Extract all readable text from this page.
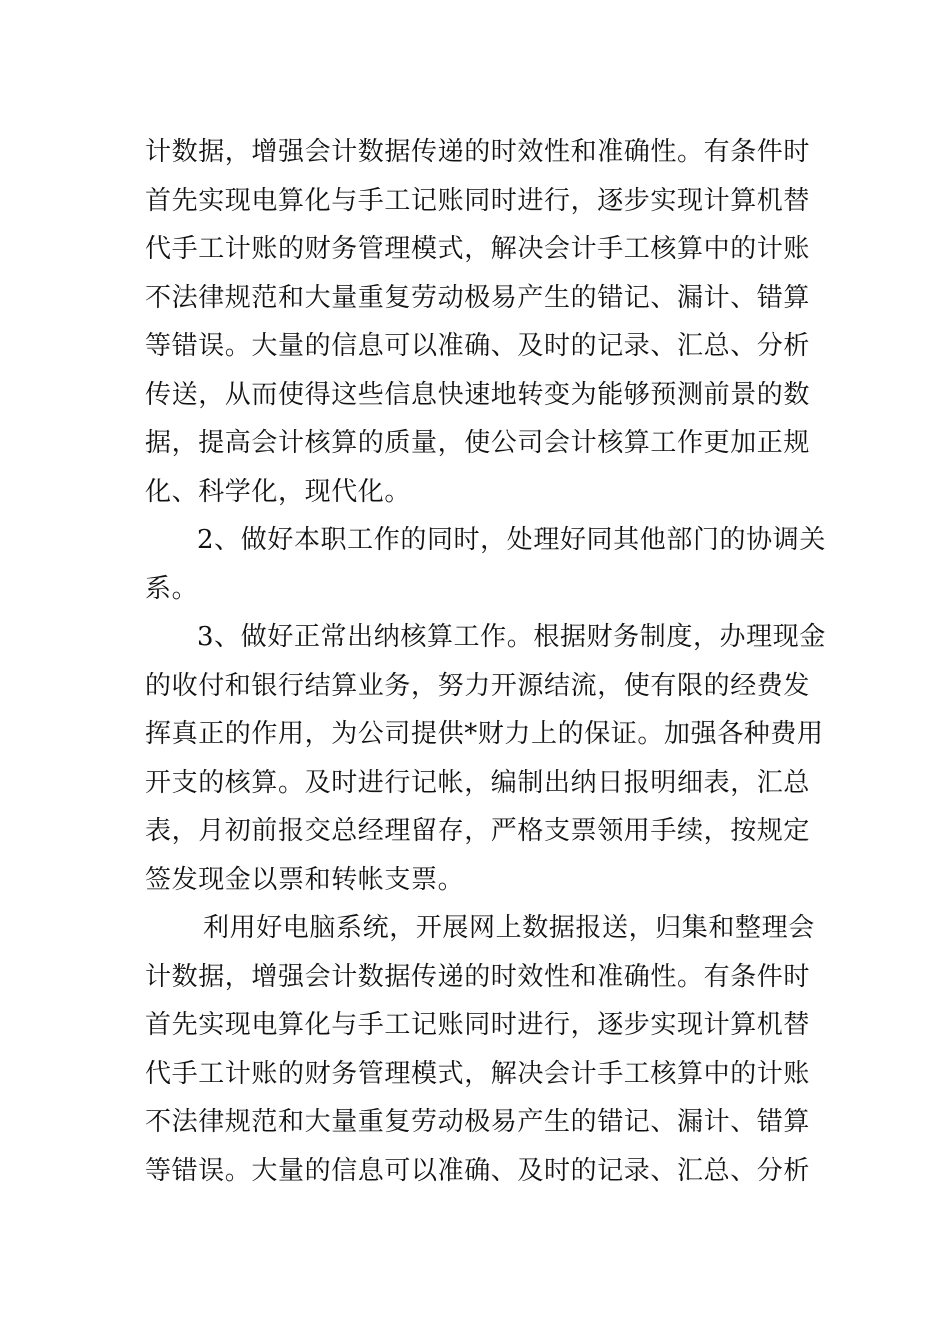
计数据，增强会计数据传递的时效性和准确性。有条件时
首先实现电算化与手工记账同时进行，逐步实现计算机替
代手工计账的财务管理模式，解决会计手工核算中的计账
不法律规范和大量重复劳动极易产生的错记、漏计、错算
等错误。大量的信息可以准确、及时的记录、汇总、分析
传送，从而使得这些信息快速地转变为能够预测前景的数
据，提高会计核算的质量，使公司会计核算工作更加正规
化、科学化，现代化。
2、做好本职工作的同时，处理好同其他部门的协调关
系。
3、做好正常出纳核算工作。根据财务制度，办理现金
的收付和银行结算业务，努力开源结流，使有限的经费发
挥真正的作用，为公司提供*财力上的保证。加强各种费用
开支的核算。及时进行记帐，编制出纳日报明细表，汇总
表，月初前报交总经理留存，严格支票领用手续，按规定
签发现金以票和转帐支票。
利用好电脑系统，开展网上数据报送，归集和整理会
计数据，增强会计数据传递的时效性和准确性。有条件时
首先实现电算化与手工记账同时进行，逐步实现计算机替
代手工计账的财务管理模式，解决会计手工核算中的计账
不法律规范和大量重复劳动极易产生的错记、漏计、错算
等错误。大量的信息可以准确、及时的记录、汇总、分析
